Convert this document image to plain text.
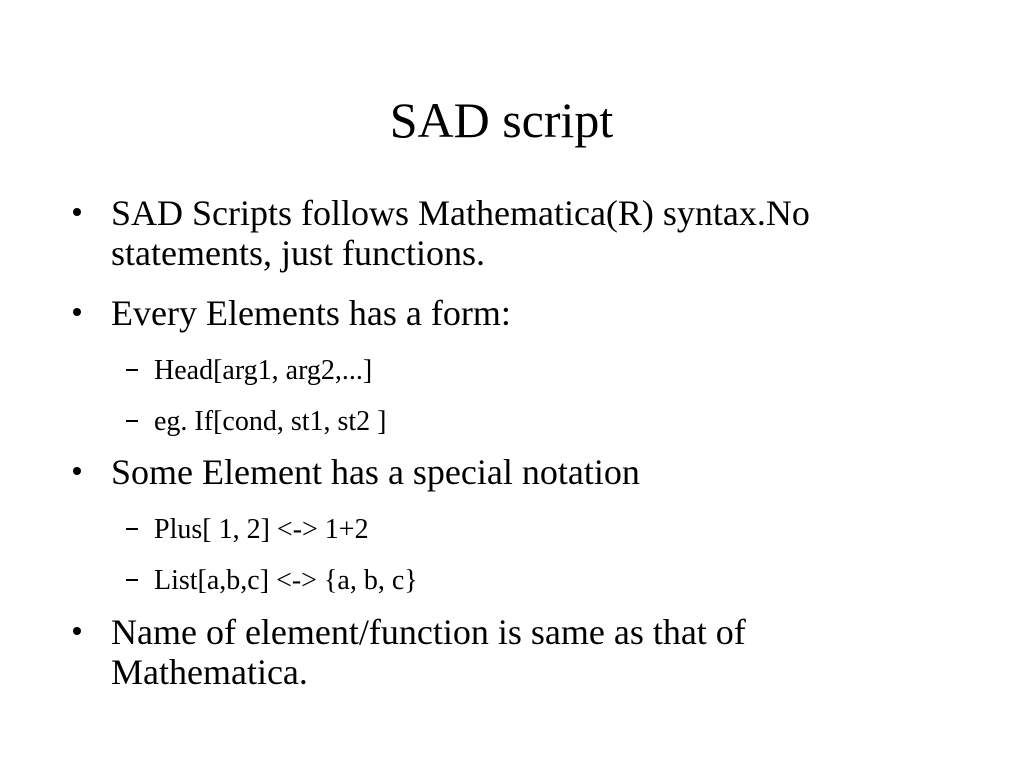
SAD script
SAD Scripts follows Mathematica(R) syntax.No statements, just functions.
Every Elements has a form:
Head[arg1, arg2,...]
eg. If[cond, st1, st2 ]
Some Element has a special notation
Plus[ 1, 2] <-> 1+2
List[a,b,c] <-> {a, b, c}
Name of element/function is same as that of Mathematica.
